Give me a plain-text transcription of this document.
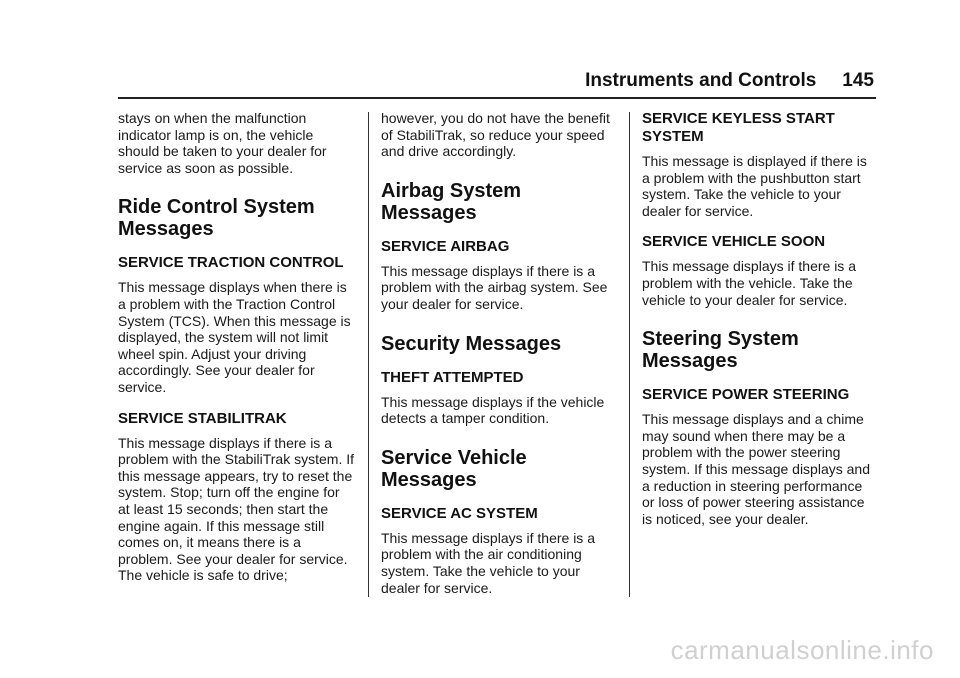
Instruments and Controls 145

stays on when the malfunction indicator lamp is on, the vehicle should be taken to your dealer for service as soon as possible.

Ride Control System Messages
SERVICE TRACTION CONTROL

This message displays when there is a problem with the Traction Control System (TCS). When this message is displayed, the system will not limit wheel spin. Adjust your driving accordingly. See your dealer for service.

SERVICE STABILITRAK

This message displays if there is a problem with the StabiliTrak system. If this message appears, try to reset the system. Stop; turn off the engine for at least 15 seconds; then start the engine again. If this message still comes on, it means there is a problem. See your dealer for service. The vehicle is safe to drive;

however, you do not have the benefit of StabiliTrak, so reduce your speed and drive accordingly.

Airbag System Messages
SERVICE AIRBAG

This message displays if there is a problem with the airbag system. See your dealer for service.

Security Messages
THEFT ATTEMPTED

This message displays if the vehicle detects a tamper condition.

Service Vehicle Messages
SERVICE AC SYSTEM

This message displays if there is a problem with the air conditioning system. Take the vehicle to your dealer for service.

SERVICE KEYLESS START SYSTEM

This message is displayed if there is a problem with the pushbutton start system. Take the vehicle to your dealer for service.

SERVICE VEHICLE SOON

This message displays if there is a problem with the vehicle. Take the vehicle to your dealer for service.

Steering System Messages
SERVICE POWER STEERING

This message displays and a chime may sound when there may be a problem with the power steering system. If this message displays and a reduction in steering performance or loss of power steering assistance is noticed, see your dealer.

carmanualsonline.info
